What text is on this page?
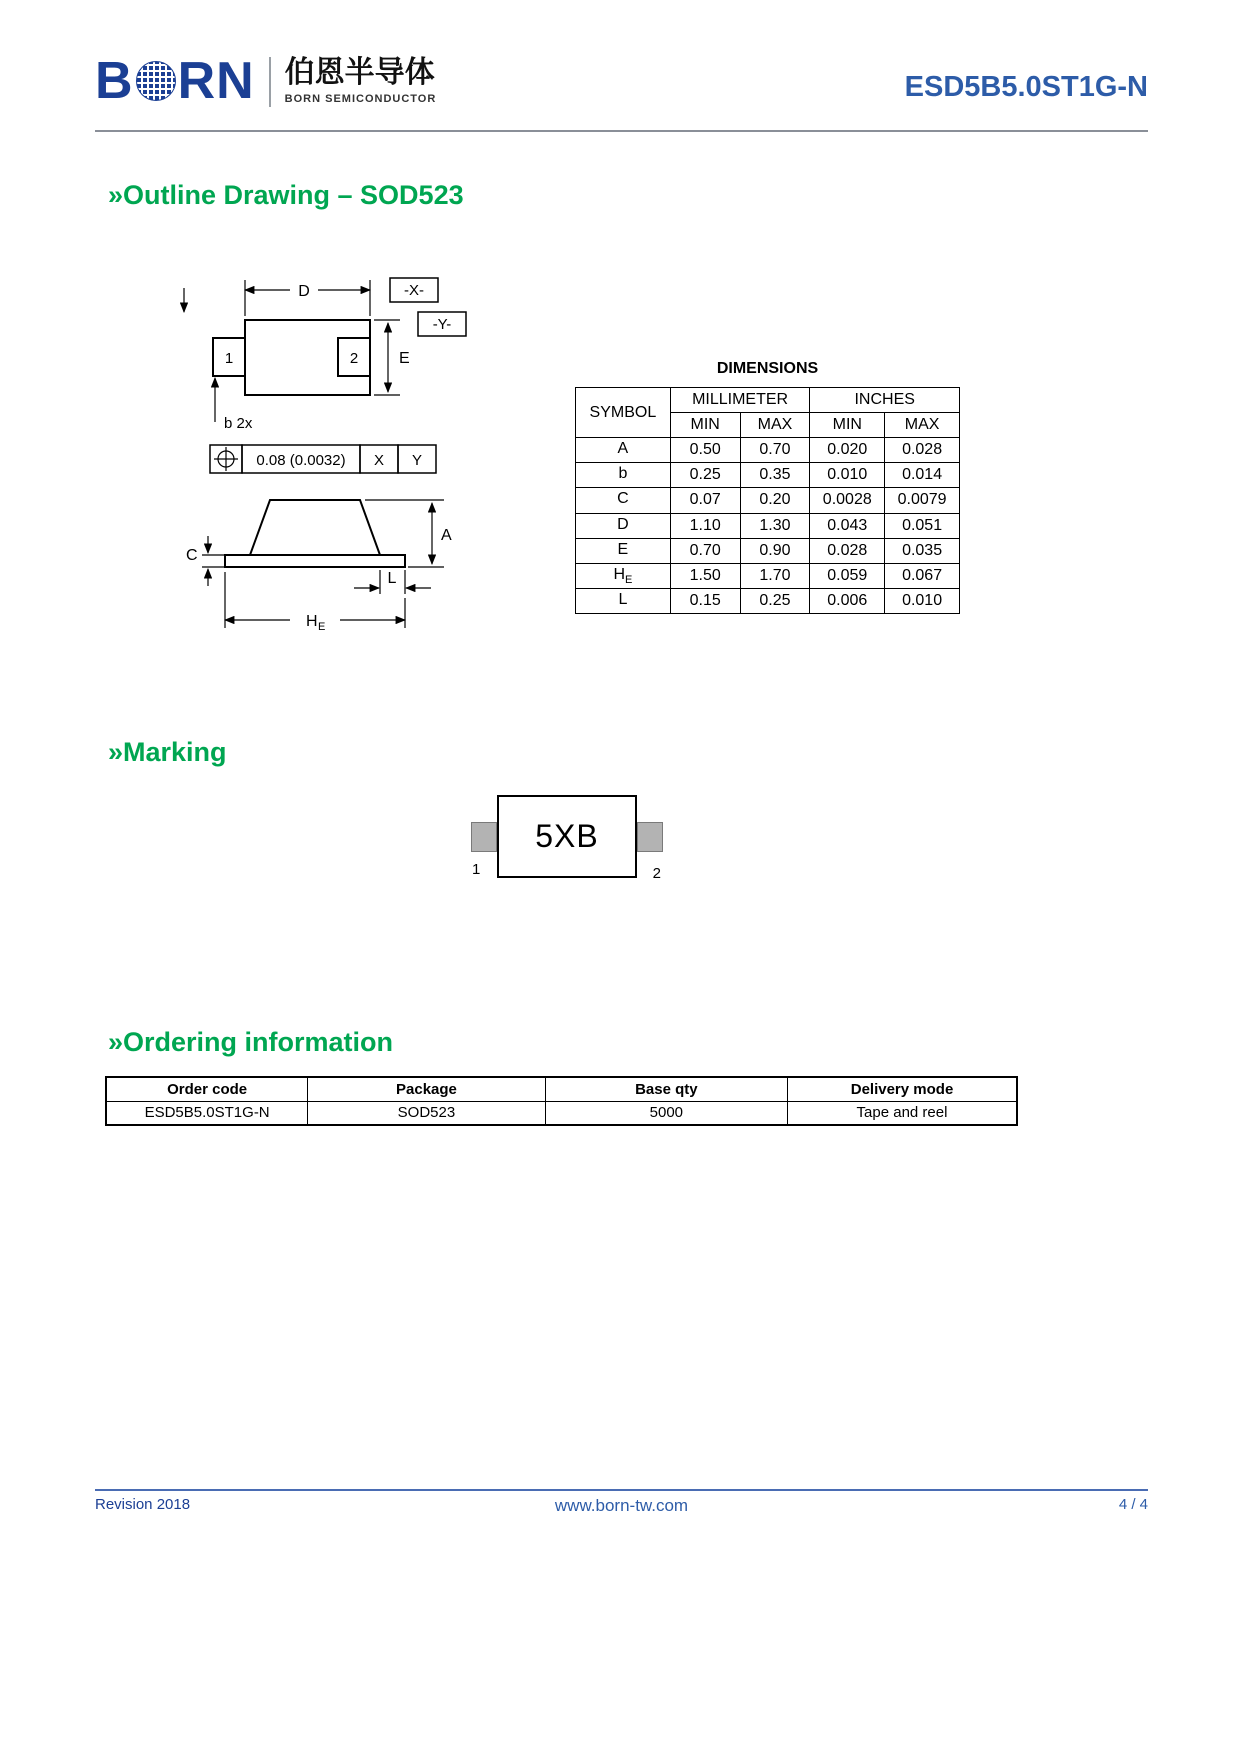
B RN 伯恩半导体
BORN SEMICONDUCTOR	ESD5B5.0ST1G-N
»Outline Drawing – SOD523
1	2
D	-X-
-Y-
E
b 2x
0.08 (0.0032) X Y
A
C
L
H E
DIMENSIONS
SYMBOL	MILLIMETER		INCHES	
	MIN	MAX	MIN	MAX
A	0.50	0.70	0.020	0.028
b	0.25	0.35	0.010	0.014
C	0.07	0.20	0.0028	0.0079
D	1.10	1.30	0.043	0.051
E	0.70	0.90	0.028	0.035
$H_E$	1.50	1.70	0.059	0.067
L	0.15	0.25	0.006	0.010
»Marking
5XB
1	2
»Ordering information
Order code	Package	Base qty	Delivery mode
ESD5B5.0ST1G-N	SOD523	5000	Tape and reel
Revision 2018	www.born-tw.com	4 / 4
